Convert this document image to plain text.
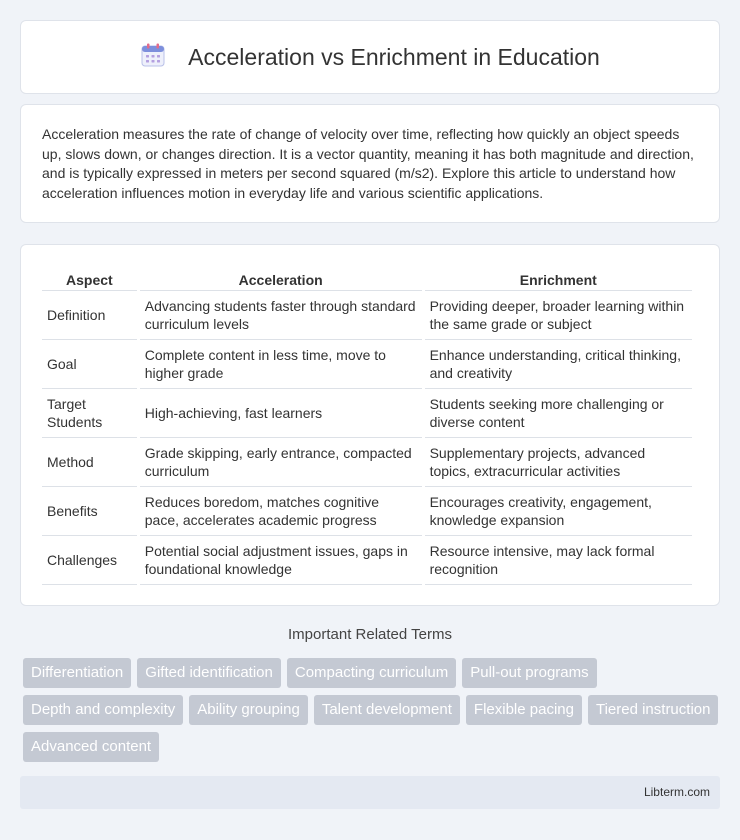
Acceleration vs Enrichment in Education

Acceleration measures the rate of change of velocity over time, reflecting how quickly an object speeds up, slows down, or changes direction. It is a vector quantity, meaning it has both magnitude and direction, and is typically expressed in meters per second squared (m/s2). Explore this article to understand how acceleration influences motion in everyday life and various scientific applications.

Aspect	Acceleration	Enrichment
Definition	Advancing students faster through standard curriculum levels	Providing deeper, broader learning within the same grade or subject
Goal	Complete content in less time, move to higher grade	Enhance understanding, critical thinking, and creativity
Target Students	High-achieving, fast learners	Students seeking more challenging or diverse content
Method	Grade skipping, early entrance, compacted curriculum	Supplementary projects, advanced topics, extracurricular activities
Benefits	Reduces boredom, matches cognitive pace, accelerates academic progress	Encourages creativity, engagement, knowledge expansion
Challenges	Potential social adjustment issues, gaps in foundational knowledge	Resource intensive, may lack formal recognition
Important Related Terms
Differentiation	Gifted identification	Compacting curriculum	Pull-out programs
Depth and complexity	Ability grouping	Talent development	Flexible pacing	Tiered instruction
Advanced content
Libterm.com
